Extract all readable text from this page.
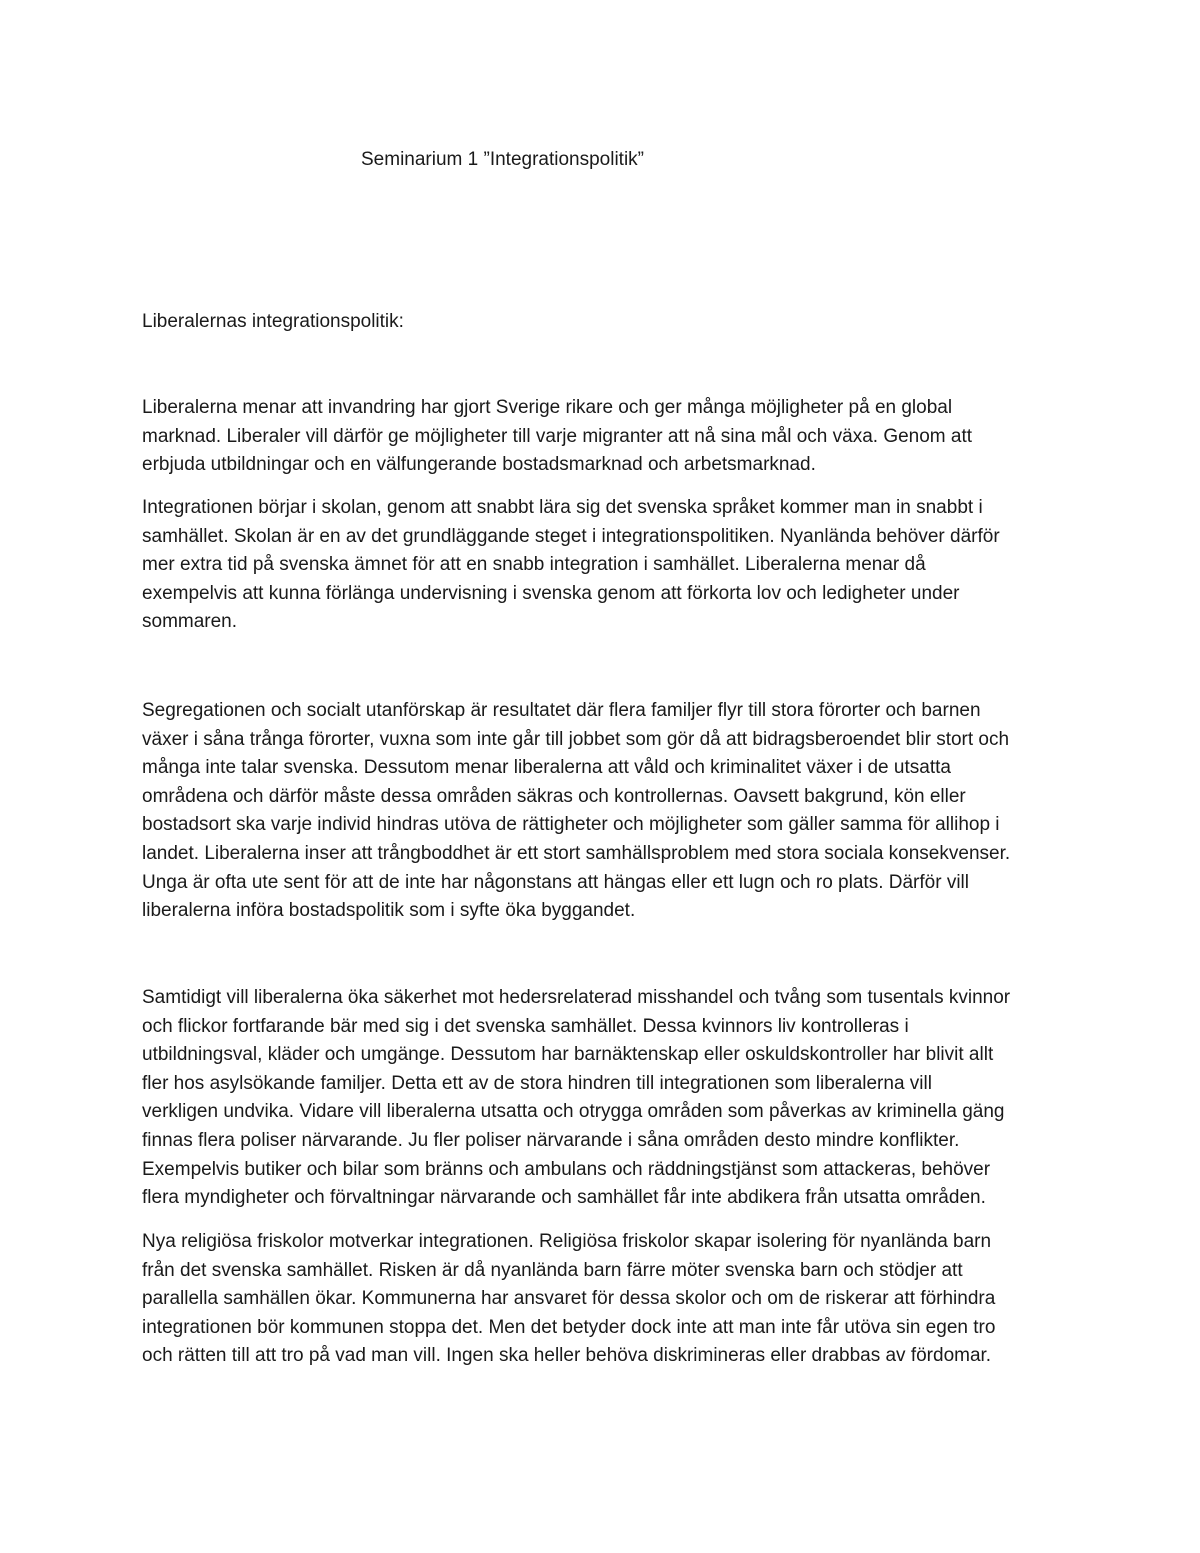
Seminarium 1 ”Integrationspolitik”
Liberalernas integrationspolitik:

Liberalerna menar att invandring har gjort Sverige rikare och ger många möjligheter på en global
marknad. Liberaler vill därför ge möjligheter till varje migranter att nå sina mål och växa. Genom att
erbjuda utbildningar och en välfungerande bostadsmarknad och arbetsmarknad.

Integrationen börjar i skolan, genom att snabbt lära sig det svenska språket kommer man in snabbt i
samhället. Skolan är en av det grundläggande steget i integrationspolitiken. Nyanlända behöver därför
mer extra tid på svenska ämnet för att en snabb integration i samhället. Liberalerna menar då
exempelvis att kunna förlänga undervisning i svenska genom att förkorta lov och ledigheter under
sommaren.

Segregationen och socialt utanförskap är resultatet där flera familjer flyr till stora förorter och barnen
växer i såna trånga förorter, vuxna som inte går till jobbet som gör då att bidragsberoendet blir stort och
många inte talar svenska. Dessutom menar liberalerna att våld och kriminalitet växer i de utsatta
områdena och därför måste dessa områden säkras och kontrollernas. Oavsett bakgrund, kön eller
bostadsort ska varje individ hindras utöva de rättigheter och möjligheter som gäller samma för allihop i
landet. Liberalerna inser att trångboddhet är ett stort samhällsproblem med stora sociala konsekvenser.
Unga är ofta ute sent för att de inte har någonstans att hängas eller ett lugn och ro plats. Därför vill
liberalerna införa bostadspolitik som i syfte öka byggandet.

Samtidigt vill liberalerna öka säkerhet mot hedersrelaterad misshandel och tvång som tusentals kvinnor
och flickor fortfarande bär med sig i det svenska samhället. Dessa kvinnors liv kontrolleras i
utbildningsval, kläder och umgänge. Dessutom har barnäktenskap eller oskuldskontroller har blivit allt
fler hos asylsökande familjer. Detta ett av de stora hindren till integrationen som liberalerna vill
verkligen undvika. Vidare vill liberalerna utsatta och otrygga områden som påverkas av kriminella gäng
finnas flera poliser närvarande. Ju fler poliser närvarande i såna områden desto mindre konflikter.
Exempelvis butiker och bilar som bränns och ambulans och räddningstjänst som attackeras, behöver
flera myndigheter och förvaltningar närvarande och samhället får inte abdikera från utsatta områden.

Nya religiösa friskolor motverkar integrationen. Religiösa friskolor skapar isolering för nyanlända barn
från det svenska samhället. Risken är då nyanlända barn färre möter svenska barn och stödjer att
parallella samhällen ökar. Kommunerna har ansvaret för dessa skolor och om de riskerar att förhindra
integrationen bör kommunen stoppa det. Men det betyder dock inte att man inte får utöva sin egen tro
och rätten till att tro på vad man vill. Ingen ska heller behöva diskrimineras eller drabbas av fördomar.
